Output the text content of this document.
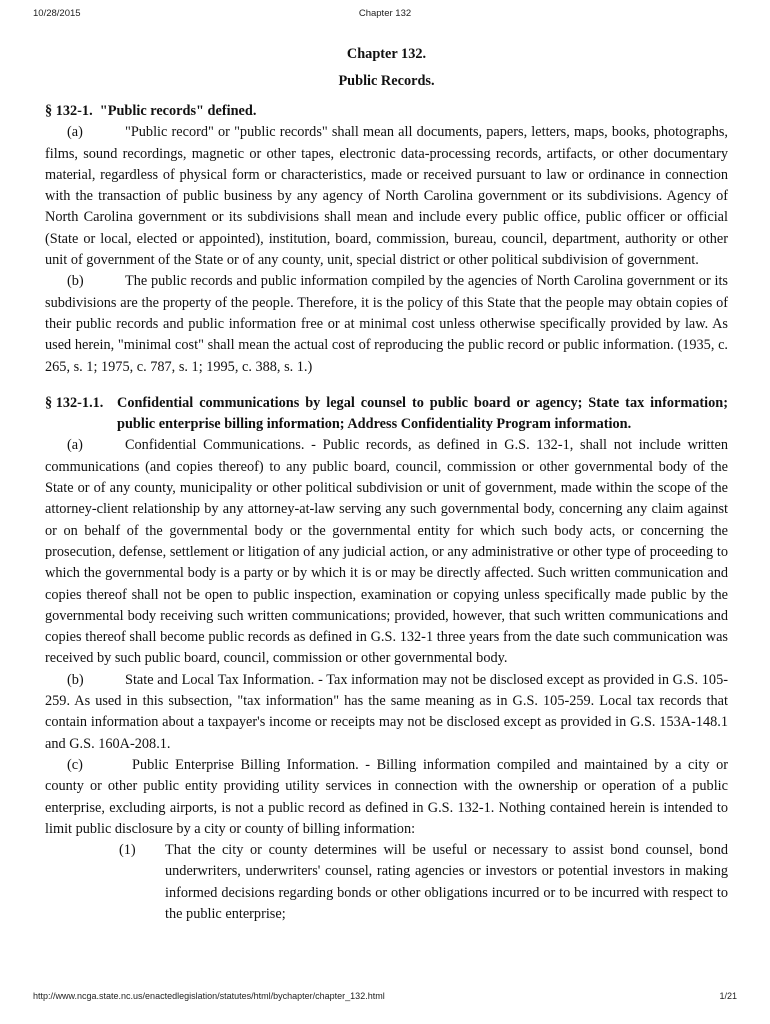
10/28/2015	Chapter 132

Chapter 132.

Public Records.

§ 132-1.  "Public records" defined.

(a)	"Public record" or "public records" shall mean all documents, papers, letters, maps, books, photographs, films, sound recordings, magnetic or other tapes, electronic data-processing records, artifacts, or other documentary material, regardless of physical form or characteristics, made or received pursuant to law or ordinance in connection with the transaction of public business by any agency of North Carolina government or its subdivisions. Agency of North Carolina government or its subdivisions shall mean and include every public office, public officer or official (State or local, elected or appointed), institution, board, commission, bureau, council, department, authority or other unit of government of the State or of any county, unit, special district or other political subdivision of government.

(b)	The public records and public information compiled by the agencies of North Carolina government or its subdivisions are the property of the people. Therefore, it is the policy of this State that the people may obtain copies of their public records and public information free or at minimal cost unless otherwise specifically provided by law. As used herein, "minimal cost" shall mean the actual cost of reproducing the public record or public information. (1935, c. 265, s. 1; 1975, c. 787, s. 1; 1995, c. 388, s. 1.)

§ 132-1.1. Confidential communications by legal counsel to public board or agency; State tax information; public enterprise billing information; Address Confidentiality Program information.

(a)	Confidential Communications. - Public records, as defined in G.S. 132-1, shall not include written communications (and copies thereof) to any public board, council, commission or other governmental body of the State or of any county, municipality or other political subdivision or unit of government, made within the scope of the attorney-client relationship by any attorney-at-law serving any such governmental body, concerning any claim against or on behalf of the governmental body or the governmental entity for which such body acts, or concerning the prosecution, defense, settlement or litigation of any judicial action, or any administrative or other type of proceeding to which the governmental body is a party or by which it is or may be directly affected. Such written communication and copies thereof shall not be open to public inspection, examination or copying unless specifically made public by the governmental body receiving such written communications; provided, however, that such written communications and copies thereof shall become public records as defined in G.S. 132-1 three years from the date such communication was received by such public board, council, commission or other governmental body.

(b)	State and Local Tax Information. - Tax information may not be disclosed except as provided in G.S. 105-259. As used in this subsection, "tax information" has the same meaning as in G.S. 105-259. Local tax records that contain information about a taxpayer's income or receipts may not be disclosed except as provided in G.S. 153A-148.1 and G.S. 160A-208.1.

(c)	Public Enterprise Billing Information. - Billing information compiled and maintained by a city or county or other public entity providing utility services in connection with the ownership or operation of a public enterprise, excluding airports, is not a public record as defined in G.S. 132-1. Nothing contained herein is intended to limit public disclosure by a city or county of billing information:

(1) That the city or county determines will be useful or necessary to assist bond counsel, bond underwriters, underwriters' counsel, rating agencies or investors or potential investors in making informed decisions regarding bonds or other obligations incurred or to be incurred with respect to the public enterprise;

http://www.ncga.state.nc.us/enactedlegislation/statutes/html/bychapter/chapter_132.html	1/21
